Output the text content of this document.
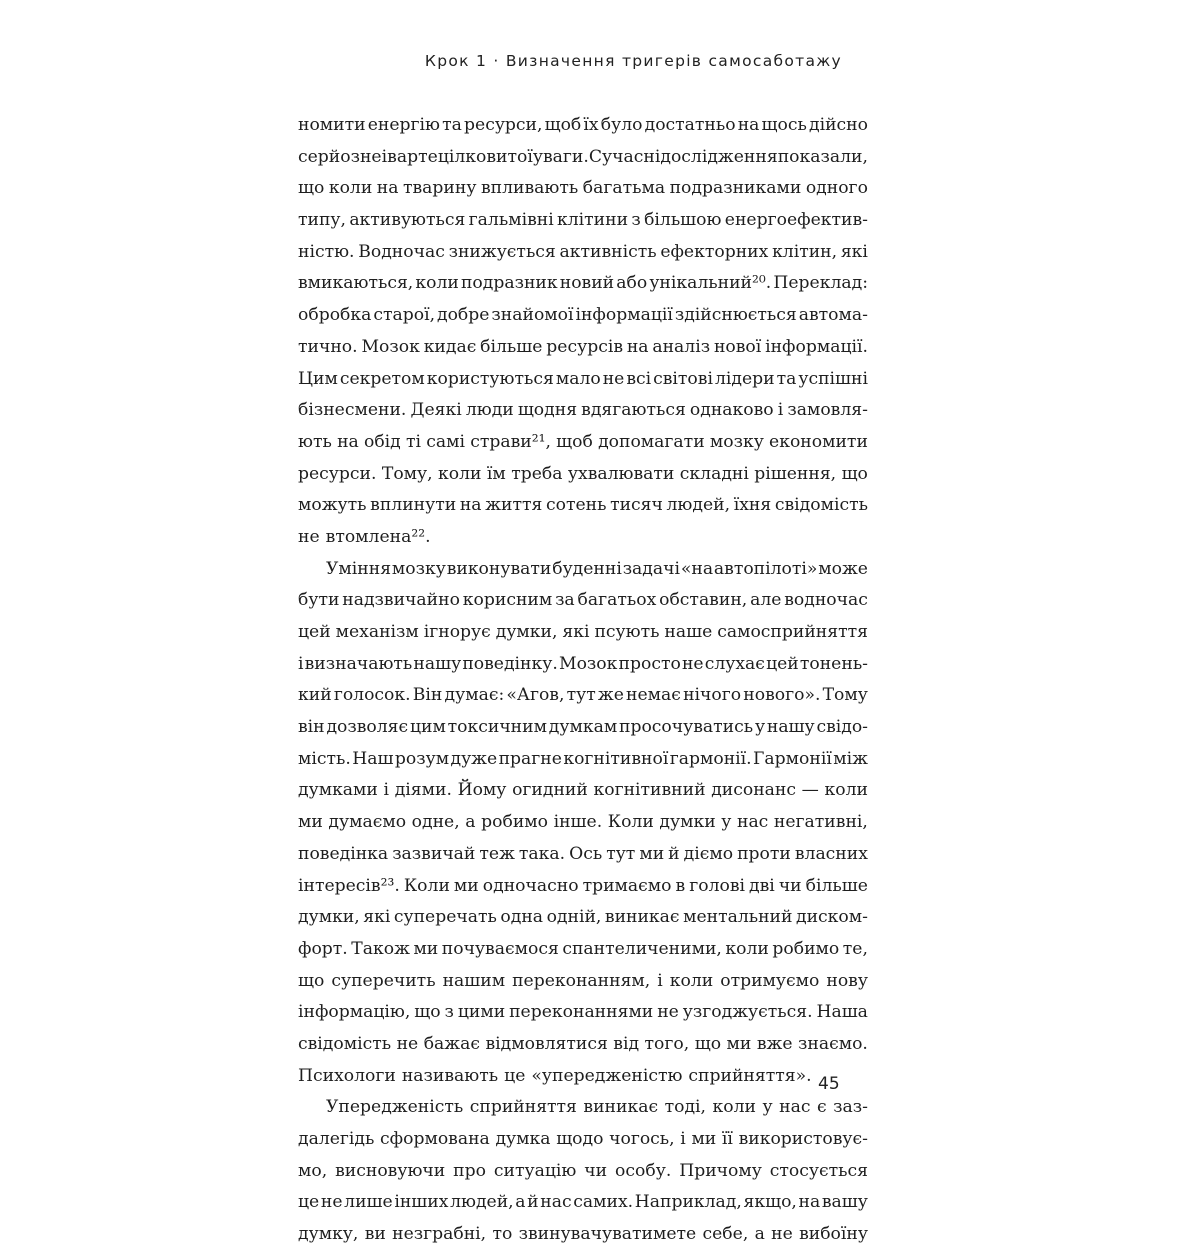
Крок 1 · Визначення тригерів самосаботажу
номити енергію та ресурси, щоб їх було достатньо на щось дійсно
серйозне і варте цілковитої уваги. Сучасні дослідження показали,
що коли на тварину впливають багатьма подразниками одного
типу, активуються гальмівні клітини з більшою енергоефектив-
ністю. Водночас знижується активність ефекторних клітин, які
вмикаються, коли подразник новий або унікальний²⁰. Переклад:
обробка старої, добре знайомої інформації здійснюється автома-
тично. Мозок кидає більше ресурсів на аналіз нової інформації.
Цим секретом користуються мало не всі світові лідери та успішні
бізнесмени. Деякі люди щодня вдягаються однаково і замовля-
ють на обід ті самі страви²¹, щоб допомагати мозку економити
ресурси. Тому, коли їм треба ухвалювати складні рішення, що
можуть вплинути на життя сотень тисяч людей, їхня свідомість
не втомлена²².
Уміння мозку виконувати буденні задачі «на автопілоті» може
бути надзвичайно корисним за багатьох обставин, але водночас
цей механізм ігнорує думки, які псують наше самосприйняття
і визначають нашу поведінку. Мозок просто не слухає цей тонень-
кий голосок. Він думає: «Агов, тут же немає нічого нового». Тому
він дозволяє цим токсичним думкам просочуватись у нашу свідо-
мість. Наш розум дуже прагне когнітивної гармонії. Гармонії між
думками і діями. Йому огидний когнітивний дисонанс — коли
ми думаємо одне, а робимо інше. Коли думки у нас негативні,
поведінка зазвичай теж така. Ось тут ми й діємо проти власних
інтересів²³. Коли ми одночасно тримаємо в голові дві чи більше
думки, які суперечать одна одній, виникає ментальний диском-
форт. Також ми почуваємося спантеличеними, коли робимо те,
що суперечить нашим переконанням, і коли отримуємо нову
інформацію, що з цими переконаннями не узгоджується. Наша
свідомість не бажає відмовлятися від того, що ми вже знаємо.
Психологи називають це «упередженістю сприйняття».
Упередженість сприйняття виникає тоді, коли у нас є заз-
далегідь сформована думка щодо чогось, і ми її використовує-
мо, висновуючи про ситуацію чи особу. Причому стосується
це не лише інших людей, а й нас самих. Наприклад, якщо, на вашу
думку, ви незграбні, то звинувачуватимете себе, а не вибоїну
45
